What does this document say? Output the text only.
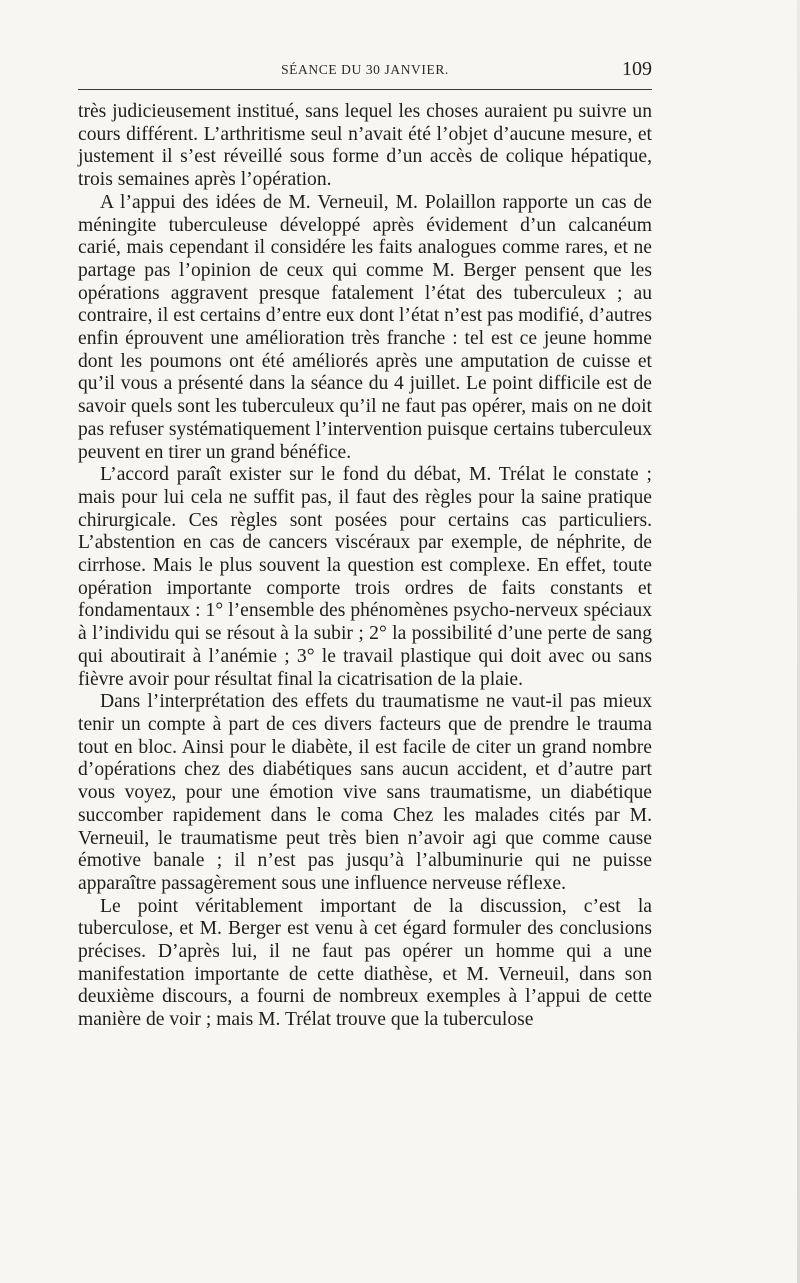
SÉANCE DU 30 JANVIER.	109

très judicieusement institué, sans lequel les choses auraient pu suivre un cours différent. L’arthritisme seul n’avait été l’objet d’aucune mesure, et justement il s’est réveillé sous forme d’un accès de colique hépatique, trois semaines après l’opération.

A l’appui des idées de M. Verneuil, M. Polaillon rapporte un cas de méningite tuberculeuse développé après évidement d’un calcanéum carié, mais cependant il considére les faits analogues comme rares, et ne partage pas l’opinion de ceux qui comme M. Berger pensent que les opérations aggravent presque fatalement l’état des tuberculeux ; au contraire, il est certains d’entre eux dont l’état n’est pas modifié, d’autres enfin éprouvent une amélioration très franche : tel est ce jeune homme dont les poumons ont été améliorés après une amputation de cuisse et qu’il vous a présenté dans la séance du 4 juillet. Le point difficile est de savoir quels sont les tuberculeux qu’il ne faut pas opérer, mais on ne doit pas refuser systématiquement l’intervention puisque certains tuberculeux peuvent en tirer un grand bénéfice.

L’accord paraît exister sur le fond du débat, M. Trélat le constate ; mais pour lui cela ne suffit pas, il faut des règles pour la saine pratique chirurgicale. Ces règles sont posées pour certains cas particuliers. L’abstention en cas de cancers viscéraux par exemple, de néphrite, de cirrhose. Mais le plus souvent la question est complexe. En effet, toute opération importante comporte trois ordres de faits constants et fondamentaux : 1° l’ensemble des phénomènes psycho-nerveux spéciaux à l’individu qui se résout à la subir ; 2° la possibilité d’une perte de sang qui aboutirait à l’anémie ; 3° le travail plastique qui doit avec ou sans fièvre avoir pour résultat final la cicatrisation de la plaie.

Dans l’interprétation des effets du traumatisme ne vaut-il pas mieux tenir un compte à part de ces divers facteurs que de prendre le trauma tout en bloc. Ainsi pour le diabète, il est facile de citer un grand nombre d’opérations chez des diabétiques sans aucun accident, et d’autre part vous voyez, pour une émotion vive sans traumatisme, un diabétique succomber rapidement dans le coma Chez les malades cités par M. Verneuil, le traumatisme peut très bien n’avoir agi que comme cause émotive banale ; il n’est pas jusqu’à l’albuminurie qui ne puisse apparaître passagèrement sous une influence nerveuse réflexe.

Le point véritablement important de la discussion, c’est la tuberculose, et M. Berger est venu à cet égard formuler des conclusions précises. D’après lui, il ne faut pas opérer un homme qui a une manifestation importante de cette diathèse, et M. Verneuil, dans son deuxième discours, a fourni de nombreux exemples à l’appui de cette manière de voir ; mais M. Trélat trouve que la tuberculose
